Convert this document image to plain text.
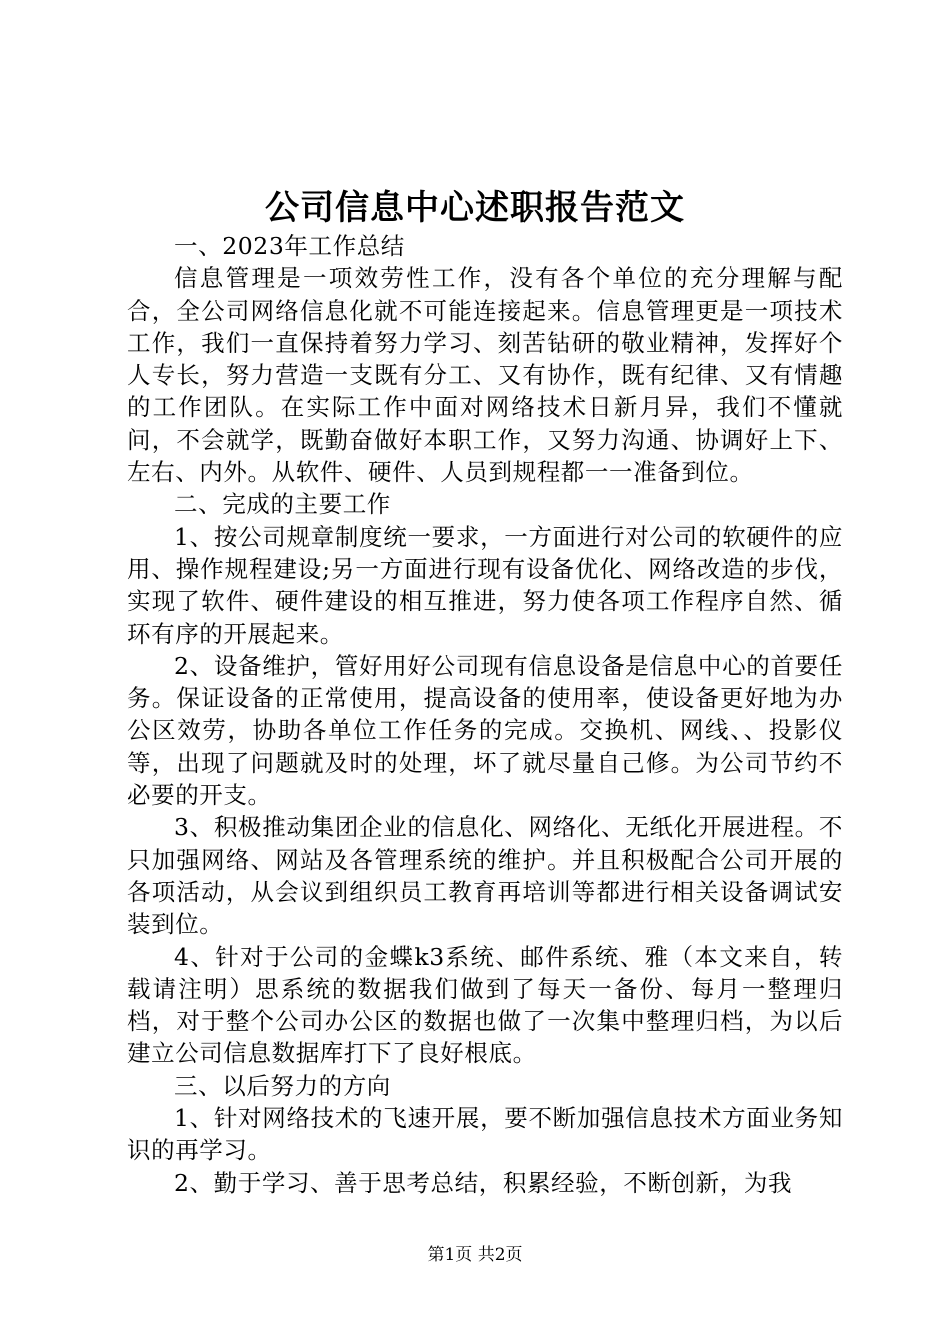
公司信息中心述职报告范文

一、2023年工作总结

信息管理是一项效劳性工作，没有各个单位的充分理解与配合，全公司网络信息化就不可能连接起来。信息管理更是一项技术工作，我们一直保持着努力学习、刻苦钻研的敬业精神，发挥好个人专长，努力营造一支既有分工、又有协作，既有纪律、又有情趣的工作团队。在实际工作中面对网络技术日新月异，我们不懂就问，不会就学，既勤奋做好本职工作，又努力沟通、协调好上下、左右、内外。从软件、硬件、人员到规程都一一准备到位。

二、完成的主要工作

1、按公司规章制度统一要求，一方面进行对公司的软硬件的应用、操作规程建设;另一方面进行现有设备优化、网络改造的步伐，实现了软件、硬件建设的相互推进，努力使各项工作程序自然、循环有序的开展起来。

2、设备维护，管好用好公司现有信息设备是信息中心的首要任务。保证设备的正常使用，提高设备的使用率，使设备更好地为办公区效劳，协助各单位工作任务的完成。交换机、网线、、投影仪等，出现了问题就及时的处理，坏了就尽量自己修。为公司节约不必要的开支。

3、积极推动集团企业的信息化、网络化、无纸化开展进程。不只加强网络、网站及各管理系统的维护。并且积极配合公司开展的各项活动，从会议到组织员工教育再培训等都进行相关设备调试安装到位。

4、针对于公司的金蝶k3系统、邮件系统、雅（本文来自，转载请注明）思系统的数据我们做到了每天一备份、每月一整理归档，对于整个公司办公区的数据也做了一次集中整理归档，为以后建立公司信息数据库打下了良好根底。

三、以后努力的方向

1、针对网络技术的飞速开展，要不断加强信息技术方面业务知识的再学习。

2、勤于学习、善于思考总结，积累经验，不断创新，为我

第1页 共2页
